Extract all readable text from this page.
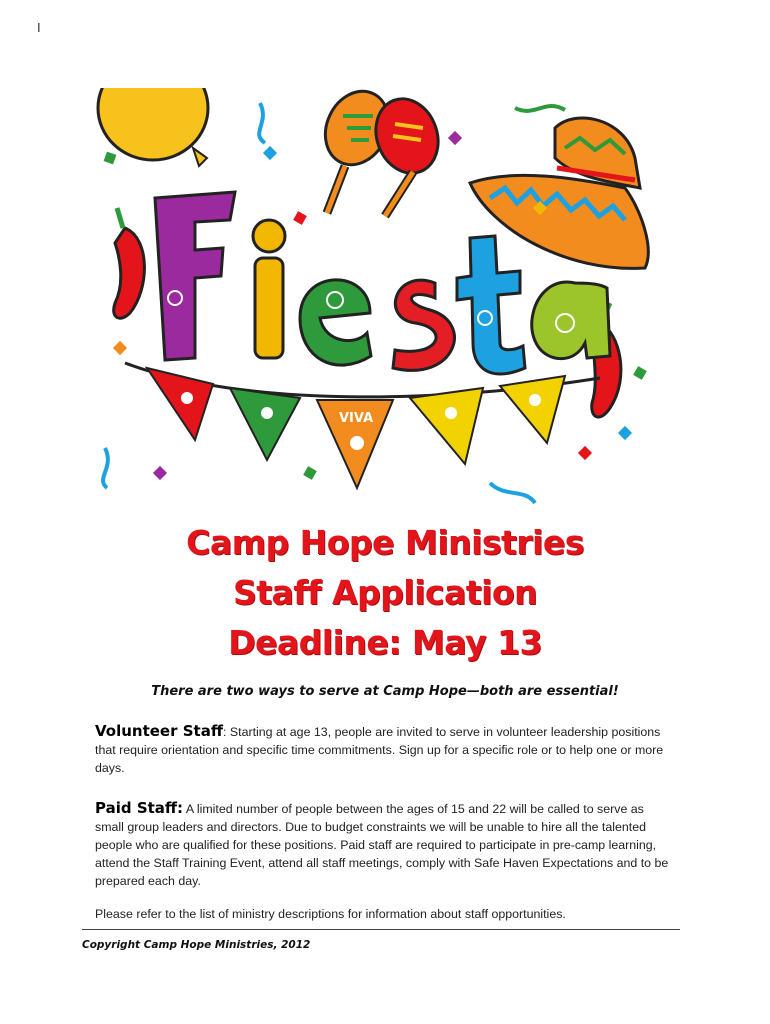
I
VIVA
Camp Hope Ministries
Staff Application
Deadline: May 13
There are two ways to serve at Camp Hope—both are essential!
Volunteer Staff: Starting at age 13, people are invited to serve in volunteer leadership positions that require orientation and specific time commitments. Sign up for a specific role or to help one or more days.
Paid Staff: A limited number of people between the ages of 15 and 22 will be called to serve as small group leaders and directors. Due to budget constraints we will be unable to hire all the talented people who are qualified for these positions. Paid staff are required to participate in pre-camp learning, attend the Staff Training Event, attend all staff meetings, comply with Safe Haven Expectations and to be prepared each day.
Please refer to the list of ministry descriptions for information about staff opportunities.
Copyright Camp Hope Ministries, 2012
